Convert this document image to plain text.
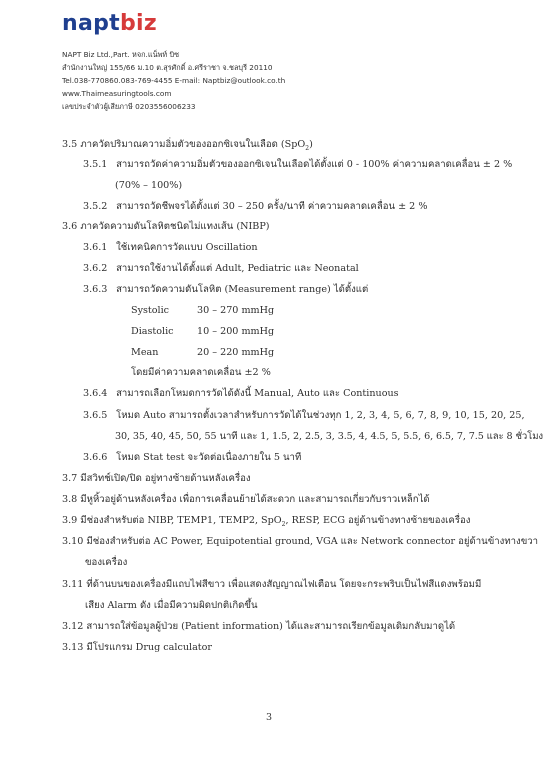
naptbiz
NAPT Biz Ltd.,Part. หจก.แน็พท์ บิซ
สำนักงานใหญ่ 155/66 ม.10 ต.สุรศักดิ์ อ.ศรีราชา จ.ชลบุรี 20110
Tel.038-770860.083-769-4455 E-mail: Naptbiz@outlook.co.th
www.Thaimeasuringtools.com
เลขประจำตัวผู้เสียภาษี 0203556006233
3.5 ภาควัดปริมาณความอิ่มตัวของออกซิเจนในเลือด (SpO$_2$)
3.5.1 สามารถวัดค่าความอิ่มตัวของออกซิเจนในเลือดได้ตั้งแต่ 0 - 100% ค่าความคลาดเคลื่อน ± 2 %
(70% – 100%)
3.5.2 สามารถวัดชีพจรได้ตั้งแต่ 30 – 250 ครั้ง/นาที ค่าความคลาดเคลื่อน ± 2 %
3.6 ภาควัดความดันโลหิตชนิดไม่แทงเส้น (NIBP)
3.6.1 ใช้เทคนิคการวัดแบบ Oscillation
3.6.2 สามารถใช้งานได้ตั้งแต่ Adult, Pediatric และ Neonatal
3.6.3 สามารถวัดความดันโลหิต (Measurement range) ได้ตั้งแต่
Systolic	30 – 270 mmHg
Diastolic 10 – 200 mmHg
Mean	20 – 220 mmHg
โดยมีค่าความคลาดเคลื่อน ±2 %
3.6.4 สามารถเลือกโหมดการวัดได้ดังนี้ Manual, Auto และ Continuous
3.6.5 โหมด Auto สามารถตั้งเวลาสำหรับการวัดได้ในช่วงทุก 1, 2, 3, 4, 5, 6, 7, 8, 9, 10, 15, 20, 25,
30, 35, 40, 45, 50, 55 นาที และ 1, 1.5, 2, 2.5, 3, 3.5, 4, 4.5, 5, 5.5, 6, 6.5, 7, 7.5 และ 8 ชั่วโมง
3.6.6 โหมด Stat test จะวัดต่อเนื่องภายใน 5 นาที
3.7 มีสวิทช์เปิด/ปิด อยู่ทางซ้ายด้านหลังเครื่อง
3.8 มีหูหิ้วอยู่ด้านหลังเครื่อง เพื่อการเคลื่อนย้ายได้สะดวก และสามารถเกี่ยวกับราวเหล็กได้
3.9 มีช่องสำหรับต่อ NIBP, TEMP1, TEMP2, SpO$_2$, RESP, ECG อยู่ด้านข้างทางซ้ายของเครื่อง
3.10 มีช่องสำหรับต่อ AC Power, Equipotential ground, VGA และ Network connector อยู่ด้านข้างทางขวา
ของเครื่อง
3.11 ที่ด้านบนของเครื่องมีแถบไฟสีขาว เพื่อแสดงสัญญาณไฟเตือน โดยจะกระพริบเป็นไฟสีแดงพร้อมมี
เสียง Alarm ดัง เมื่อมีความผิดปกติเกิดขึ้น
3.12 สามารถใส่ข้อมูลผู้ป่วย (Patient information) ได้และสามารถเรียกข้อมูลเดิมกลับมาดูได้
3.13 มีโปรแกรม Drug calculator
3
